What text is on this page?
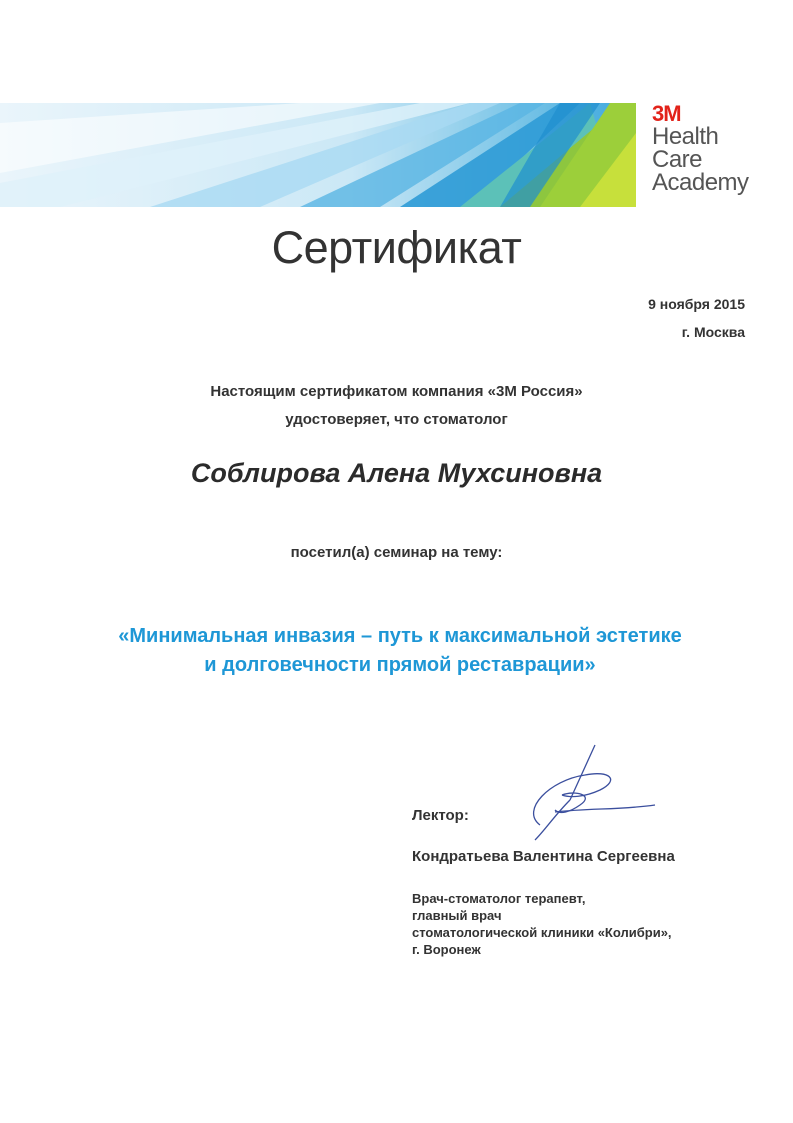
3M
Health
Care
Academy
Сертификат
9 ноября 2015
г. Москва
Настоящим сертификатом компания «3М Россия»
удостоверяет, что стоматолог
Соблирова Алена Мухсиновна
посетил(а) семинар на тему:
«Минимальная инвазия – путь к максимальной эстетике
и долговечности прямой реставрации»
Лектор:
Кондратьева Валентина Сергеевна
Врач-стоматолог терапевт,
главный врач
стоматологической клиники «Колибри»,
г. Воронеж
